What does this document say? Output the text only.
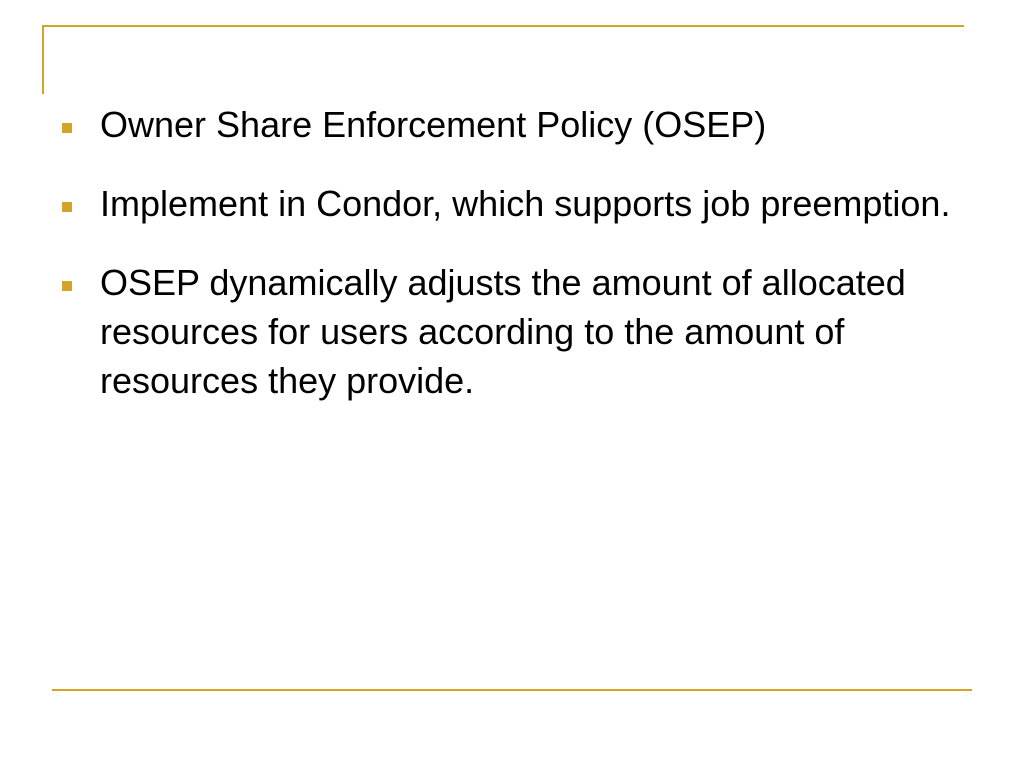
Owner Share Enforcement Policy (OSEP)
Implement in Condor, which supports job preemption.
OSEP dynamically adjusts the amount of allocated resources for users according to the amount of resources they provide.
